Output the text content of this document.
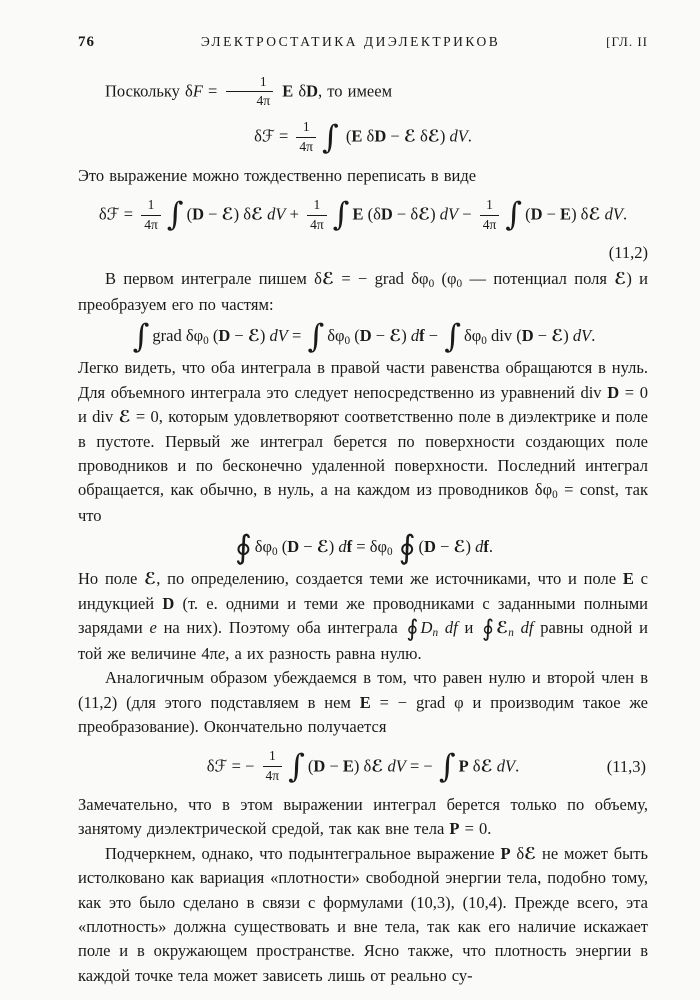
76	ЭЛЕКТРОСТАТИКА ДИЭЛЕКТРИКОВ	[ГЛ. II

Поскольку $\delta F = \frac{1}{4\pi}$ E δD, то имеем

δℱ = $\frac{1}{4\pi}$ ∫ (E δD − ℰ δℰ) dV.

Это выражение можно тождественно переписать в виде

δℱ = $\frac{1}{4\pi}$ ∫ (D − ℰ) δℰ dV + $\frac{1}{4\pi}$ ∫ E (δD − δℰ) dV − $\frac{1}{4\pi}$ ∫ (D − E) δℰ dV.
(11,2)

В первом интеграле пишем δℰ = − grad δφ0 (φ0 — потенциал поля ℰ) и преобразуем его по частям:

∫ grad δφ0 (D − ℰ) dV = ∫ δφ0 (D − ℰ) df − ∫ δφ0 div (D − ℰ) dV.

Легко видеть, что оба интеграла в правой части равенства обращаются в нуль. Для объемного интеграла это следует непосредственно из уравнений div D = 0 и div ℰ = 0, которым удовлетворяют соответственно поле в диэлектрике и поле в пустоте. Первый же интеграл берется по поверхности создающих поле проводников и по бесконечно удаленной поверхности. Последний интеграл обращается, как обычно, в нуль, а на каждом из проводников δφ0 = const, так что

∮ δφ0 (D − ℰ) df = δφ0 ∮ (D − ℰ) df.

Но поле ℰ, по определению, создается теми же источниками, что и поле E с индукцией D (т. е. одними и теми же проводниками с заданными полными зарядами e на них). Поэтому оба интеграла ∮ Dn df и ∮ ℰn df равны одной и той же величине 4πe, а их разность равна нулю.

Аналогичным образом убеждаемся в том, что равен нулю и второй член в (11,2) (для этого подставляем в нем E = − grad φ и производим такое же преобразование). Окончательно получается

δℱ = − $\frac{1}{4\pi}$ ∫ (D − E) δℰ dV = − ∫ P δℰ dV.	(11,3)

Замечательно, что в этом выражении интеграл берется только по объему, занятому диэлектрической средой, так как вне тела P = 0.

Подчеркнем, однако, что подынтегральное выражение P δℰ не может быть истолковано как вариация «плотности» свободной энергии тела, подобно тому, как это было сделано в связи с формулами (10,3), (10,4). Прежде всего, эта «плотность» должна существовать и вне тела, так как его наличие искажает поле и в окружающем пространстве. Ясно также, что плотность энергии в каждой точке тела может зависеть лишь от реально су-
